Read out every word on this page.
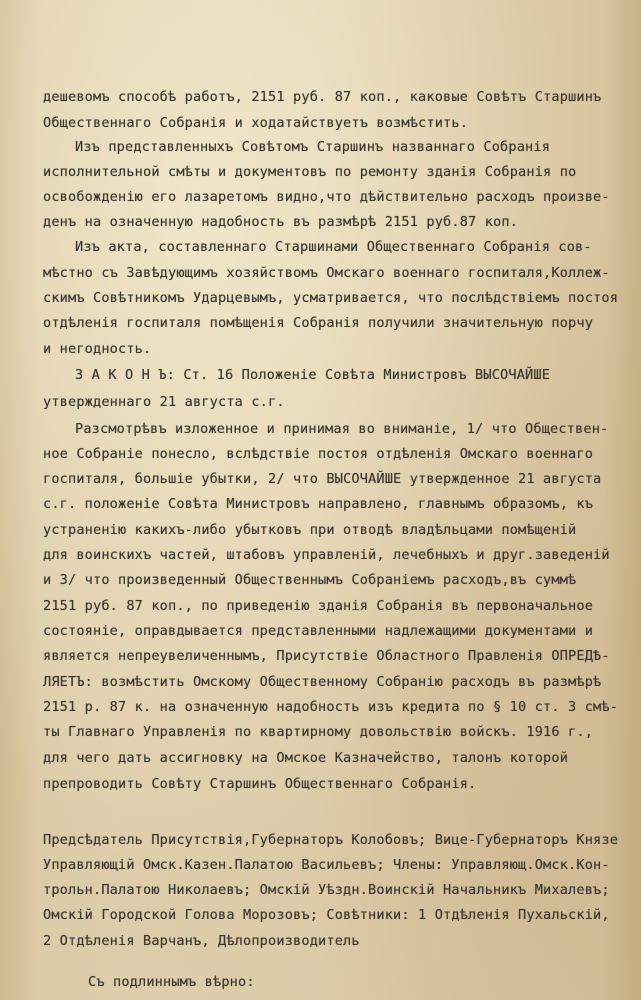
дешевомъ способѣ работъ, 2151 руб. 87 коп., каковые Совѣтъ Старшинъ
Общественнаго Собранія и ходатайствуетъ возмѣстить.
Изъ представленныхъ Совѣтомъ Старшинъ названнаго Собранія
исполнительной смѣты и документовъ по ремонту зданія Собранія по
освобожденію его лазаретомъ видно,что дѣйствительно расходъ произве-
денъ на означенную надобность въ размѣрѣ 2151 руб.87 коп.
Изъ акта, составленнаго Старшинами Общественнаго Собранія сов-
мѣстно съ Завѣдующимъ хозяйствомъ Омскаго военнаго госпиталя,Коллеж-
скимъ Совѣтникомъ Ударцевымъ, усматривается, что послѣдствіемъ постоя
отдѣленія госпиталя помѣщенія Собранія получили значительную порчу
и негодность.
З А К О Н Ъ: Ст. 16 Положеніе Совѣта Министровъ ВЫСОЧАЙШЕ
утвержденнаго 21 августа с.г.
Разсмотрѣвъ изложенное и принимая во вниманіе, 1/ что Обществен-
ное Собраніе понесло, вслѣдствіе постоя отдѣленія Омскаго военнаго
госпиталя, большіе убытки, 2/ что ВЫСОЧАЙШЕ утвержденное 21 августа
с.г. положеніе Совѣта Министровъ направлено, главнымъ образомъ, къ
устраненію какихъ-либо убытковъ при отводѣ владѣльцами помѣщеній
для воинскихъ частей, штабовъ управленій, лечебныхъ и друг.заведеній
и 3/ что произведенный Общественнымъ Собраніемъ расходъ,въ суммѣ
2151 руб. 87 коп., по приведенію зданія Собранія въ первоначальное
состояніе, оправдывается представленными надлежащими документами и
является непреувеличеннымъ, Присутствіе Областного Правленія ОПРЕДѢ-
ЛЯЕТЪ: возмѣстить Омскому Общественному Собранію расходъ въ размѣрѣ
2151 р. 87 к. на означенную надобность изъ кредита по § 10 ст. 3 смѣ-
ты Главнаго Управленія по квартирному довольствію войскъ. 1916 г.,
для чего дать ассигновку на Омское Казначейство, талонъ которой
препроводить Совѣту Старшинъ Общественнаго Собранія.
Предсѣдатель Присутствія,Губернаторъ Колобовъ; Вице-Губернаторъ Князе
Управляющій Омск.Казен.Палатою Васильевъ; Члены: Управляющ.Омск.Кон-
трольн.Палатою Николаевъ; Омскій Уѣздн.Воинскій Начальникъ Михалевъ;
Омскій Городской Голова Морозовъ; Совѣтники: 1 Отдѣленія Пухальскій,
2 Отдѣленія Варчанъ, Дѣлопроизводитель
Съ подлиннымъ вѣрно:
